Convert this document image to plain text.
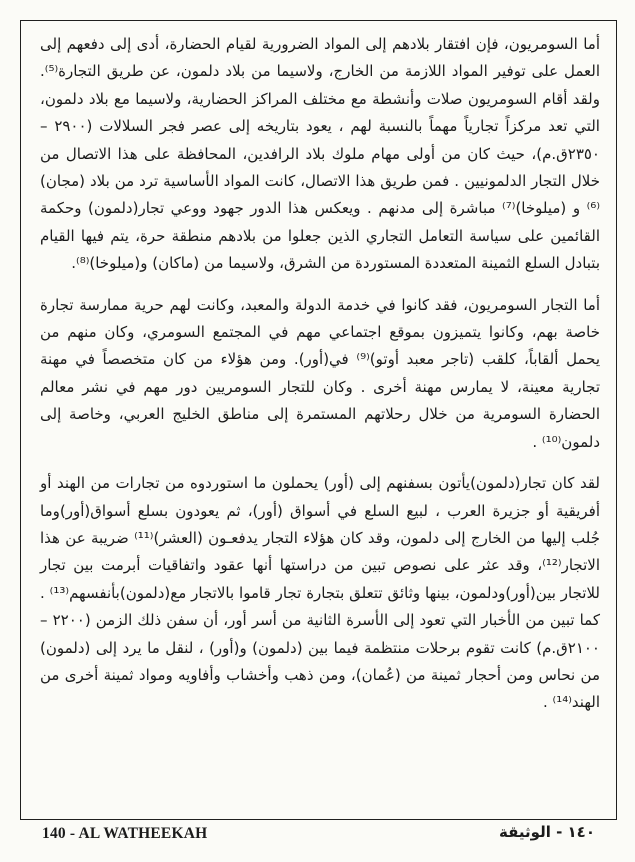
أما السومريون، فإن افتقار بلادهم إلى المواد الضرورية لقيام الحضارة، أدى إلى دفعهم إلى العمل على توفير المواد اللازمة من الخارج، ولاسيما من بلاد دلمون، عن طريق التجارة⁽⁵⁾. ولقد أقام السومريون صلات وأنشطة مع مختلف المراكز الحضارية، ولاسيما مع بلاد دلمون، التي تعد مركزاً تجارياً مهماً بالنسبة لهم ، يعود بتاريخه إلى عصر فجر السلالات (٢٩٠٠ – ٢٣٥٠ق.م)، حيث كان من أولى مهام ملوك بلاد الرافدين، المحافظة على هذا الاتصال من خلال التجار الدلمونيين . فمن طريق هذا الاتصال، كانت المواد الأساسية ترد من بلاد (مجان)⁽⁶⁾ و (ميلوخا)⁽⁷⁾ مباشرة إلى مدنهم . ويعكس هذا الدور جهود ووعي تجار(دلمون) وحكمة القائمين على سياسة التعامل التجاري الذين جعلوا من بلادهم منطقة حرة، يتم فيها القيام بتبادل السلع الثمينة المتعددة المستوردة من الشرق، ولاسيما من (ماكان) و(ميلوخا)⁽⁸⁾.

أما التجار السومريون، فقد كانوا في خدمة الدولة والمعبد، وكانت لهم حرية ممارسة تجارة خاصة بهم، وكانوا يتميزون بموقع اجتماعي مهم في المجتمع السومري، وكان منهم من يحمل ألقاباً، كلقب (تاجر معبد أوتو)⁽⁹⁾ في(أور). ومن هؤلاء من كان متخصصاً في مهنة تجارية معينة، لا يمارس مهنة أخرى . وكان للتجار السومريين دور مهم في نشر معالم الحضارة السومرية من خلال رحلاتهم المستمرة إلى مناطق الخليج العربي، وخاصة إلى دلمون⁽¹⁰⁾ .

لقد كان تجار(دلمون)يأتون بسفنهم إلى (أور) يحملون ما استوردوه من تجارات من الهند أو أفريقية أو جزيرة العرب ، لبيع السلع في أسواق (أور)، ثم يعودون بسلع أسواق(أور)وما جُلب إليها من الخارج إلى دلمون، وقد كان هؤلاء التجار يدفعـون (العشر)⁽¹¹⁾ ضريبة عن هذا الاتجار⁽¹²⁾، وقد عثر على نصوص تبين من دراستها أنها عقود واتفاقيات أبرمت بين تجار للاتجار بين(أور)ودلمون، بينها وثائق تتعلق بتجارة تجار قاموا بالاتجار مع(دلمون)بأنفسهم⁽¹³⁾ . كما تبين من الأخبار التي تعود إلى الأسرة الثانية من أسر أور، أن سفن ذلك الزمن (٢٢٠٠ – ٢١٠٠ق.م) كانت تقوم برحلات منتظمة فيما بين (دلمون) و(أور) ، لنقل ما يرد إلى (دلمون) من نحاس ومن أحجار ثمينة من (عُمان)، ومن ذهب وأخشاب وأفاويه ومواد ثمينة أخرى من الهند⁽¹⁴⁾ .

140 - AL WATHEEKAH	١٤٠ - الوثيقة
